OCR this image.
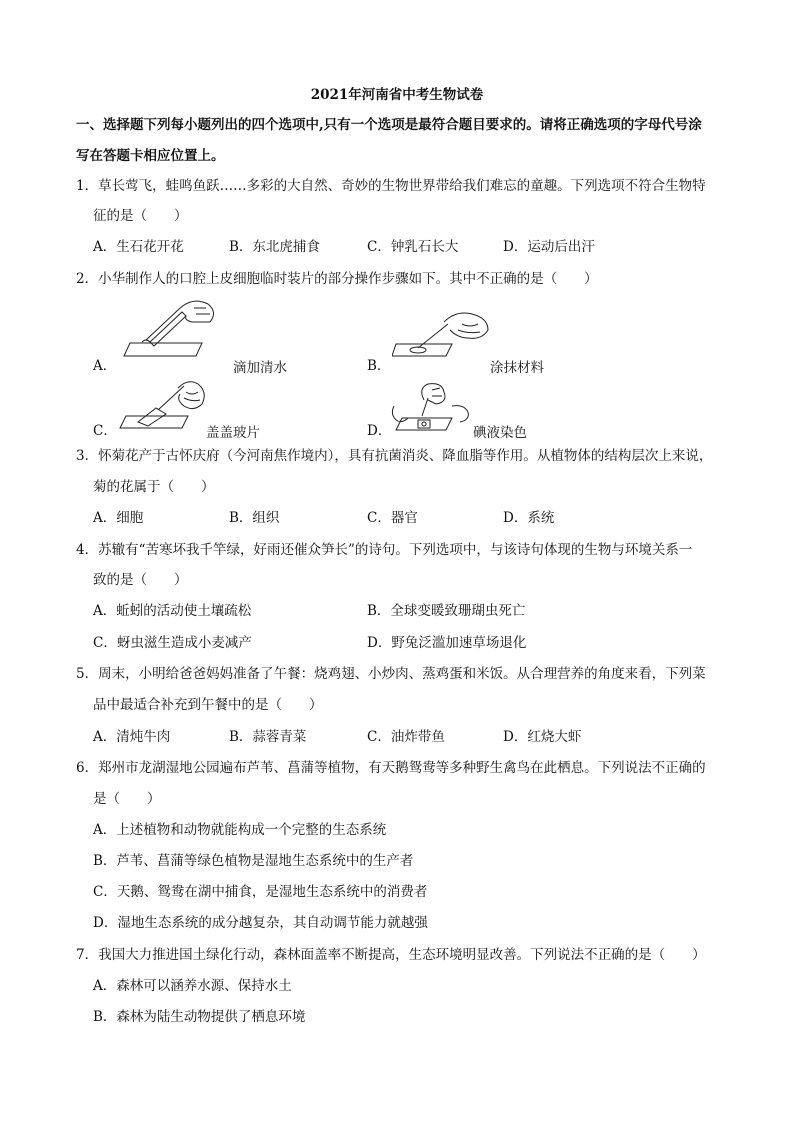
2021年河南省中考生物试卷
一、选择题下列每小题列出的四个选项中,只有一个选项是最符合题目要求的。请将正确选项的字母代号涂
写在答题卡相应位置上。
1．草长莺飞，蛙鸣鱼跃……多彩的大自然、奇妙的生物世界带给我们难忘的童趣。下列选项不符合生物特
征的是（　　）
A．生石花开花	B．东北虎捕食	C．钟乳石长大	D．运动后出汗
2．小华制作人的口腔上皮细胞临时装片的部分操作步骤如下。其中不正确的是（　　）
A．	滴加清水	B．	涂抹材料
C．	盖盖玻片	D．	碘液染色
3．怀菊花产于古怀庆府（今河南焦作境内），具有抗菌消炎、降血脂等作用。从植物体的结构层次上来说，
菊的花属于（　　）
A．细胞	B．组织	C．器官	D．系统
4．苏辙有“苦寒坏我千竿绿，好雨还催众笋长”的诗句。下列选项中，与该诗句体现的生物与环境关系一
致的是（　　）
A．蚯蚓的活动使土壤疏松	B．全球变暖致珊瑚虫死亡
C．蚜虫滋生造成小麦减产	D．野兔泛滥加速草场退化
5．周末，小明给爸爸妈妈准备了午餐：烧鸡翅、小炒肉、蒸鸡蛋和米饭。从合理营养的角度来看，下列菜
品中最适合补充到午餐中的是（　　）
A．清炖牛肉	B．蒜蓉青菜	C．油炸带鱼	D．红烧大虾
6．郑州市龙湖湿地公园遍布芦苇、菖蒲等植物，有天鹅鸳鸯等多种野生禽鸟在此栖息。下列说法不正确的
是（　　）
A．上述植物和动物就能构成一个完整的生态系统
B．芦苇、菖蒲等绿色植物是湿地生态系统中的生产者
C．天鹅、鸳鸯在湖中捕食，是湿地生态系统中的消费者
D．湿地生态系统的成分越复杂，其自动调节能力就越强
7．我国大力推进国土绿化行动，森林面盖率不断提高，生态环境明显改善。下列说法不正确的是（　　）
A．森林可以涵养水源、保持水土
B．森林为陆生动物提供了栖息环境
